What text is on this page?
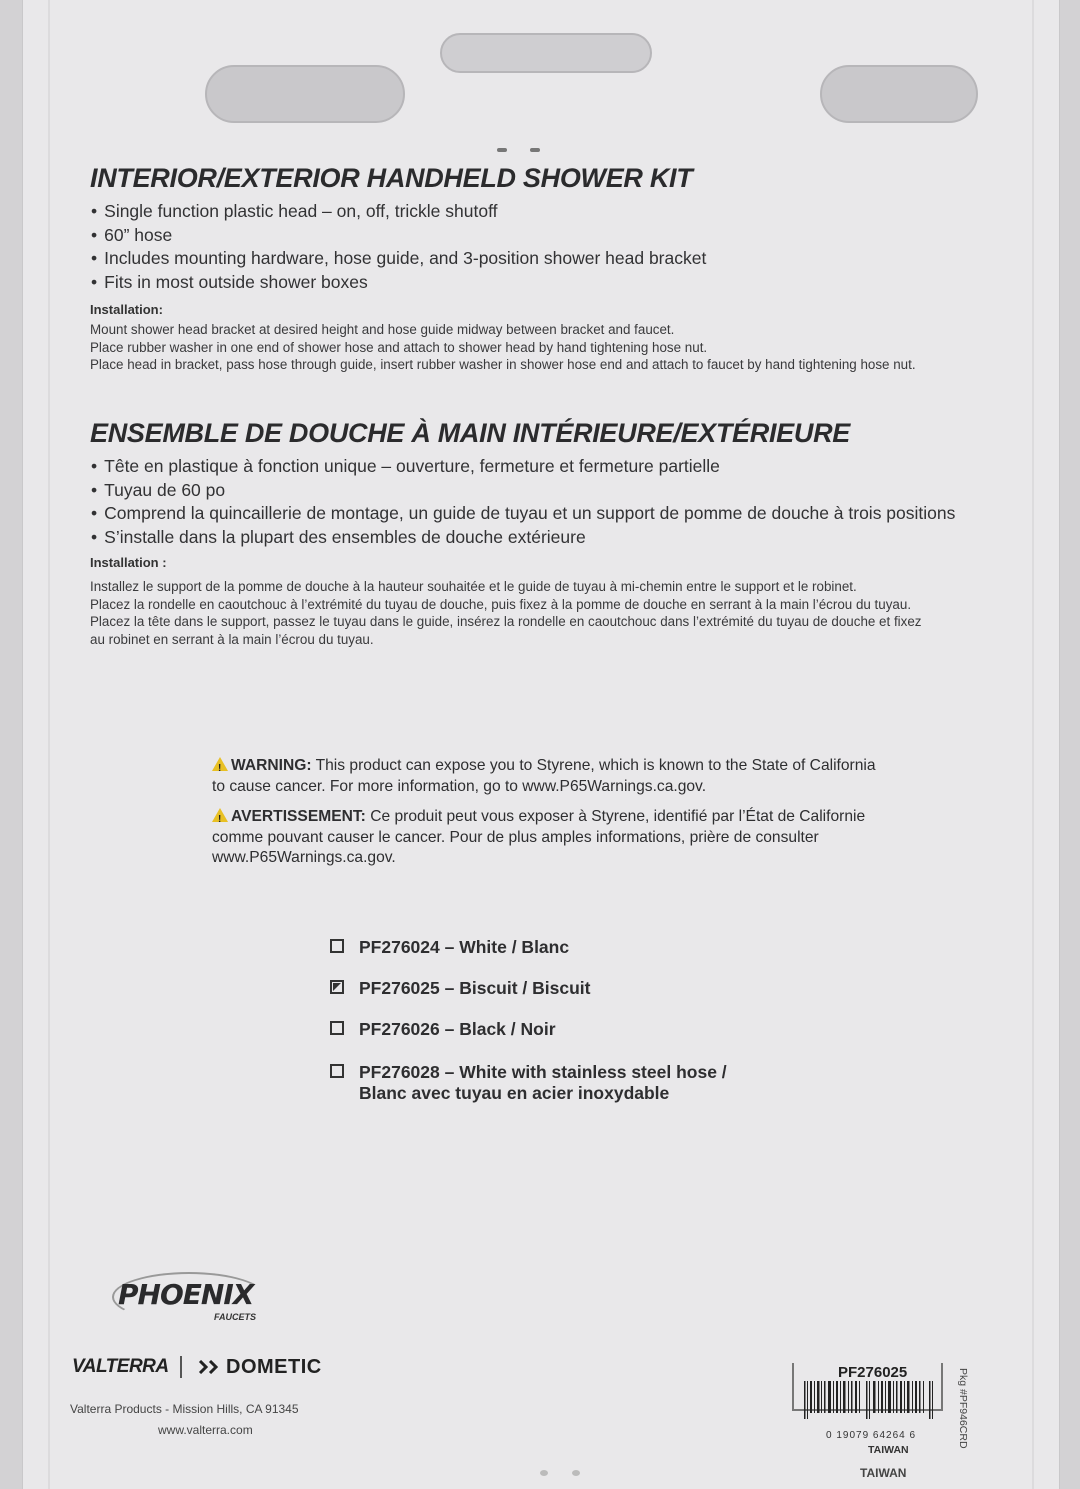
INTERIOR/EXTERIOR HANDHELD SHOWER KIT
• Single function plastic head – on, off, trickle shutoff
• 60” hose
• Includes mounting hardware, hose guide, and 3-position shower head bracket
• Fits in most outside shower boxes
Installation:
Mount shower head bracket at desired height and hose guide midway between bracket and faucet.
Place rubber washer in one end of shower hose and attach to shower head by hand tightening hose nut.
Place head in bracket, pass hose through guide, insert rubber washer in shower hose end and attach to faucet by hand tightening hose nut.
ENSEMBLE DE DOUCHE À MAIN INTÉRIEURE/EXTÉRIEURE
• Tête en plastique à fonction unique – ouverture, fermeture et fermeture partielle
• Tuyau de 60 po
• Comprend la quincaillerie de montage, un guide de tuyau et un support de pomme de douche à trois positions
• S’installe dans la plupart des ensembles de douche extérieure
Installation :
Installez le support de la pomme de douche à la hauteur souhaitée et le guide de tuyau à mi-chemin entre le support et le robinet.
Placez la rondelle en caoutchouc à l’extrémité du tuyau de douche, puis fixez à la pomme de douche en serrant à la main l’écrou du tuyau.
Placez la tête dans le support, passez le tuyau dans le guide, insérez la rondelle en caoutchouc dans l’extrémité du tuyau de douche et fixez
au robinet en serrant à la main l’écrou du tuyau.
!WARNING: This product can expose you to Styrene, which is known to the State of California
to cause cancer. For more information, go to www.P65Warnings.ca.gov.
!AVERTISSEMENT: Ce produit peut vous exposer à Styrene, identifié par l’État de Californie
comme pouvant causer le cancer. Pour de plus amples informations, prière de consulter
www.P65Warnings.ca.gov.
PF276024 – White / Blanc
PF276025 – Biscuit / Biscuit
PF276026 – Black / Noir
PF276028 – White with stainless steel hose /
Blanc avec tuyau en acier inoxydable
PHOENIX
FAUCETS
VALTERRA	DOMETIC
Valterra Products - Mission Hills, CA 91345
www.valterra.com
PF276025
0 19079 64264 6
TAIWAN
TAIWAN
